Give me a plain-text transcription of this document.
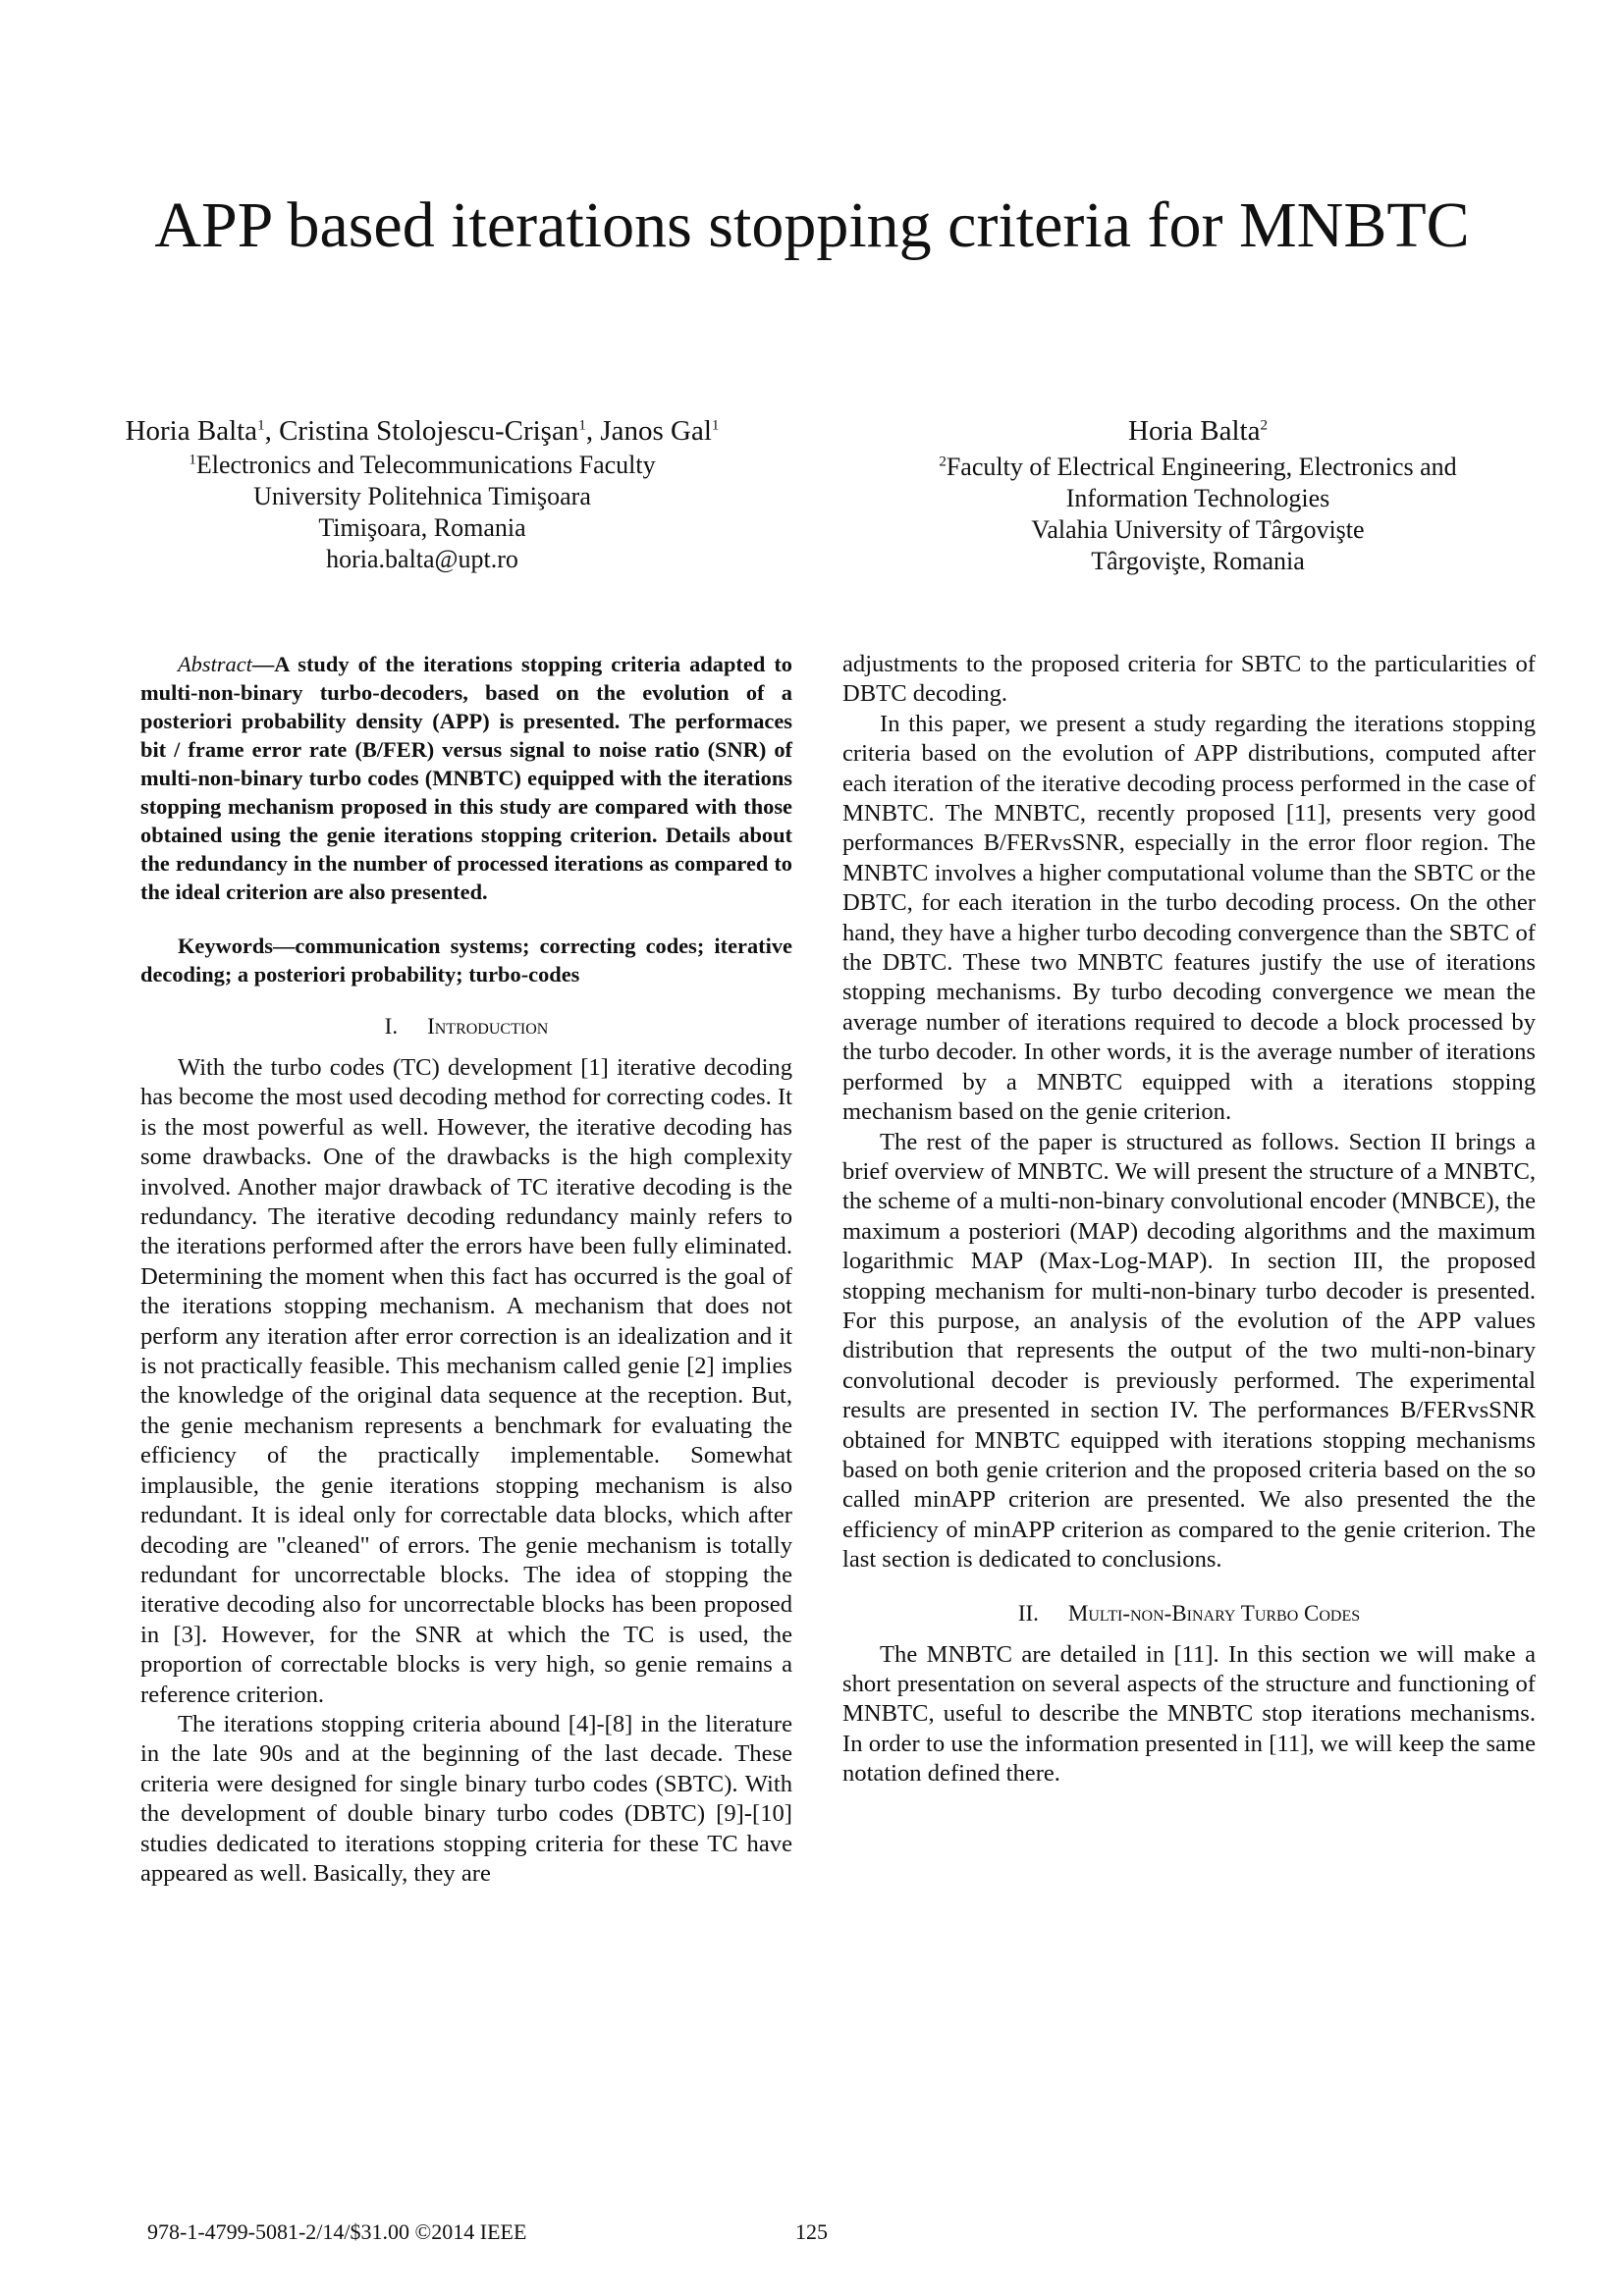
APP based iterations stopping criteria for MNBTC
Horia Balta$^1$, Cristina Stolojescu-Crişan$^1$, Janos Gal$^1$
$^1$Electronics and Telecommunications Faculty
University Politehnica Timişoara
Timişoara, Romania
horia.balta@upt.ro
Horia Balta$^2$
$^2$Faculty of Electrical Engineering, Electronics and
Information Technologies
Valahia University of Târgovişte
Târgovişte, Romania

Abstract—A study of the iterations stopping criteria adapted to multi-non-binary turbo-decoders, based on the evolution of a posteriori probability density (APP) is presented. The performaces bit / frame error rate (B/FER) versus signal to noise ratio (SNR) of multi-non-binary turbo codes (MNBTC) equipped with the iterations stopping mechanism proposed in this study are compared with those obtained using the genie iterations stopping criterion. Details about the redundancy in the number of processed iterations as compared to the ideal criterion are also presented.

Keywords—communication systems; correcting codes; iterative decoding; a posteriori probability; turbo-codes

I. Introduction

With the turbo codes (TC) development [1] iterative decoding has become the most used decoding method for correcting codes. It is the most powerful as well. However, the iterative decoding has some drawbacks. One of the drawbacks is the high complexity involved. Another major drawback of TC iterative decoding is the redundancy. The iterative decoding redundancy mainly refers to the iterations performed after the errors have been fully eliminated. Determining the moment when this fact has occurred is the goal of the iterations stopping mechanism. A mechanism that does not perform any iteration after error correction is an idealization and it is not practically feasible. This mechanism called genie [2] implies the knowledge of the original data sequence at the reception. But, the genie mechanism represents a benchmark for evaluating the efficiency of the practically implementable. Somewhat implausible, the genie iterations stopping mechanism is also redundant. It is ideal only for correctable data blocks, which after decoding are "cleaned" of errors. The genie mechanism is totally redundant for uncorrectable blocks. The idea of stopping the iterative decoding also for uncorrectable blocks has been proposed in [3]. However, for the SNR at which the TC is used, the proportion of correctable blocks is very high, so genie remains a reference criterion.

The iterations stopping criteria abound [4]-[8] in the literature in the late 90s and at the beginning of the last decade. These criteria were designed for single binary turbo codes (SBTC). With the development of double binary turbo codes (DBTC) [9]-[10] studies dedicated to iterations stopping criteria for these TC have appeared as well. Basically, they are

adjustments to the proposed criteria for SBTC to the particularities of DBTC decoding.

In this paper, we present a study regarding the iterations stopping criteria based on the evolution of APP distributions, computed after each iteration of the iterative decoding process performed in the case of MNBTC. The MNBTC, recently proposed [11], presents very good performances B/FERvsSNR, especially in the error floor region. The MNBTC involves a higher computational volume than the SBTC or the DBTC, for each iteration in the turbo decoding process. On the other hand, they have a higher turbo decoding convergence than the SBTC of the DBTC. These two MNBTC features justify the use of iterations stopping mechanisms. By turbo decoding convergence we mean the average number of iterations required to decode a block processed by the turbo decoder. In other words, it is the average number of iterations performed by a MNBTC equipped with a iterations stopping mechanism based on the genie criterion.

The rest of the paper is structured as follows. Section II brings a brief overview of MNBTC. We will present the structure of a MNBTC, the scheme of a multi-non-binary convolutional encoder (MNBCE), the maximum a posteriori (MAP) decoding algorithms and the maximum logarithmic MAP (Max-Log-MAP). In section III, the proposed stopping mechanism for multi-non-binary turbo decoder is presented. For this purpose, an analysis of the evolution of the APP values distribution that represents the output of the two multi-non-binary convolutional decoder is previously performed. The experimental results are presented in section IV. The performances B/FERvsSNR obtained for MNBTC equipped with iterations stopping mechanisms based on both genie criterion and the proposed criteria based on the so called minAPP criterion are presented. We also presented the the efficiency of minAPP criterion as compared to the genie criterion. The last section is dedicated to conclusions.

II. Multi-non-Binary Turbo Codes

The MNBTC are detailed in [11]. In this section we will make a short presentation on several aspects of the structure and functioning of MNBTC, useful to describe the MNBTC stop iterations mechanisms. In order to use the information presented in [11], we will keep the same notation defined there.

978-1-4799-5081-2/14/$31.00 ©2014 IEEE	125
